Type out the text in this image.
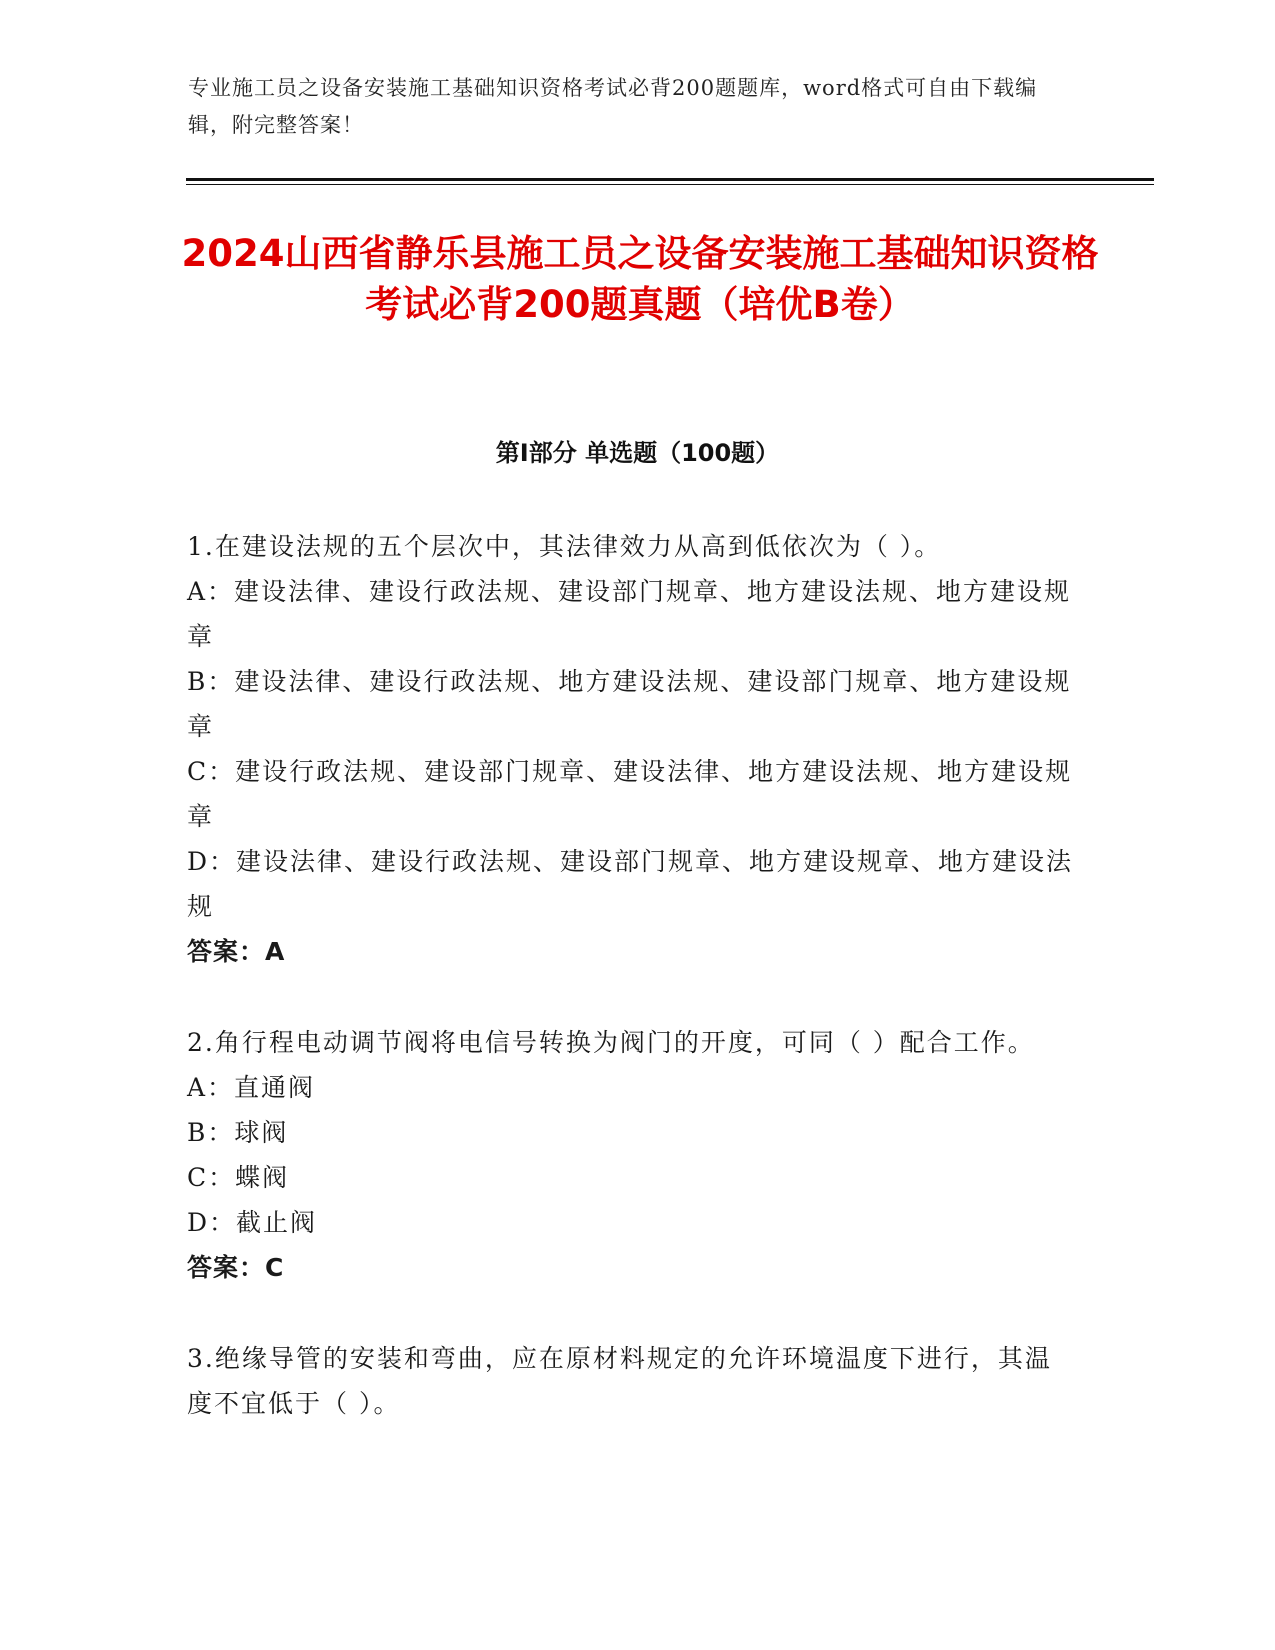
专业施工员之设备安装施工基础知识资格考试必背200题题库，word格式可自由下载编辑，附完整答案！
2024山西省静乐县施工员之设备安装施工基础知识资格考试必背200题真题（培优B卷）
第I部分 单选题（100题）
1.在建设法规的五个层次中，其法律效力从高到低依次为（ ）。
A：建设法律、建设行政法规、建设部门规章、地方建设法规、地方建设规章
B：建设法律、建设行政法规、地方建设法规、建设部门规章、地方建设规章
C：建设行政法规、建设部门规章、建设法律、地方建设法规、地方建设规章
D：建设法律、建设行政法规、建设部门规章、地方建设规章、地方建设法规
答案：A
2.角行程电动调节阀将电信号转换为阀门的开度，可同（ ）配合工作。
A：直通阀
B：球阀
C：蝶阀
D：截止阀
答案：C
3.绝缘导管的安装和弯曲，应在原材料规定的允许环境温度下进行，其温度不宜低于（ ）。
